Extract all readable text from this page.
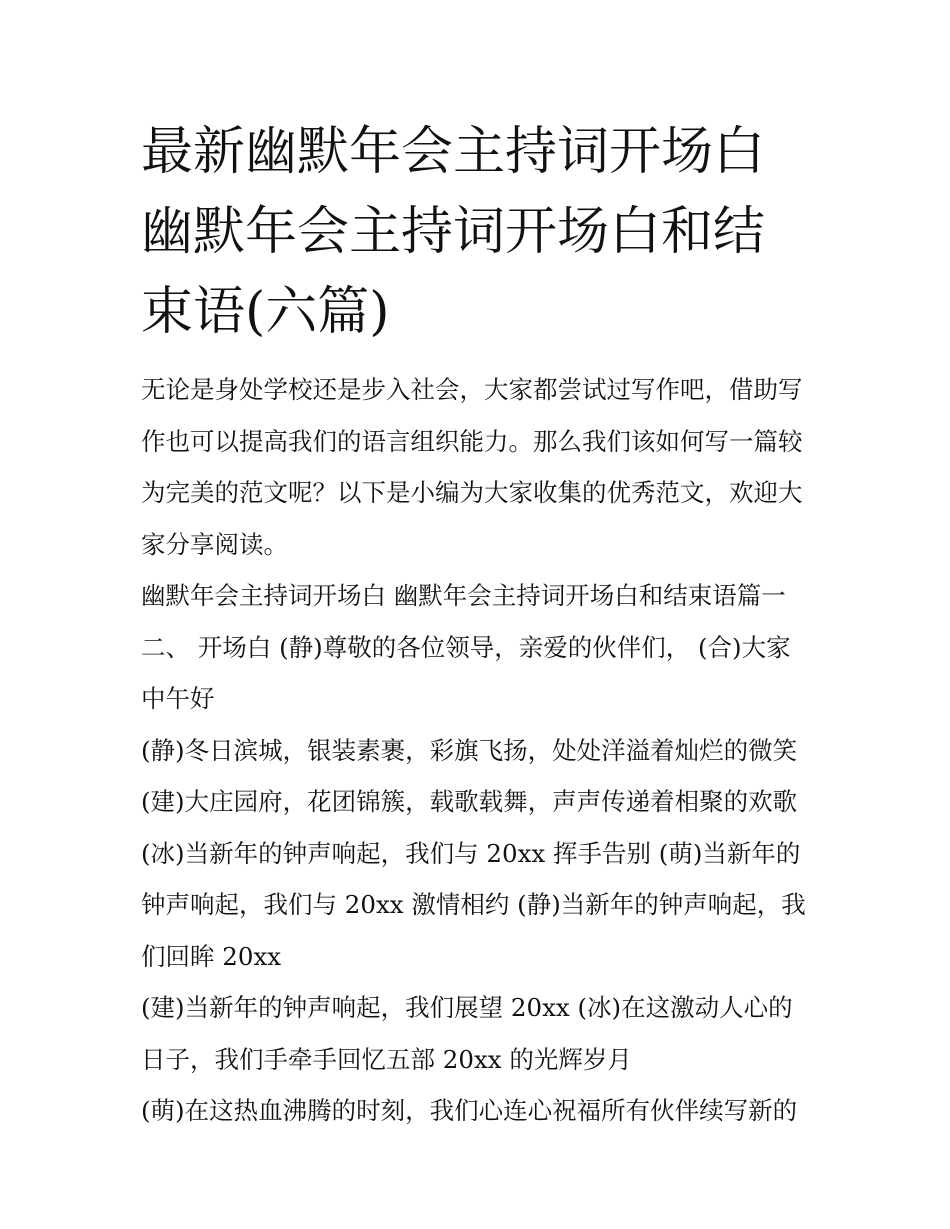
最新幽默年会主持词开场白 幽默年会主持词开场白和结束语(六篇)

无论是身处学校还是步入社会，大家都尝试过写作吧，借助写作也可以提高我们的语言组织能力。那么我们该如何写一篇较为完美的范文呢？以下是小编为大家收集的优秀范文，欢迎大家分享阅读。

幽默年会主持词开场白 幽默年会主持词开场白和结束语篇一

二、 开场白 (静)尊敬的各位领导，亲爱的伙伴们， (合)大家中午好

(静)冬日滨城，银装素裹，彩旗飞扬，处处洋溢着灿烂的微笑

(建)大庄园府，花团锦簇，载歌载舞，声声传递着相聚的欢歌

(冰)当新年的钟声响起，我们与 20xx 挥手告别 (萌)当新年的钟声响起，我们与 20xx 激情相约 (静)当新年的钟声响起，我们回眸 20xx

(建)当新年的钟声响起，我们展望 20xx (冰)在这激动人心的日子，我们手牵手回忆五部 20xx 的光辉岁月

(萌)在这热血沸腾的时刻，我们心连心祝福所有伙伴续写新的
